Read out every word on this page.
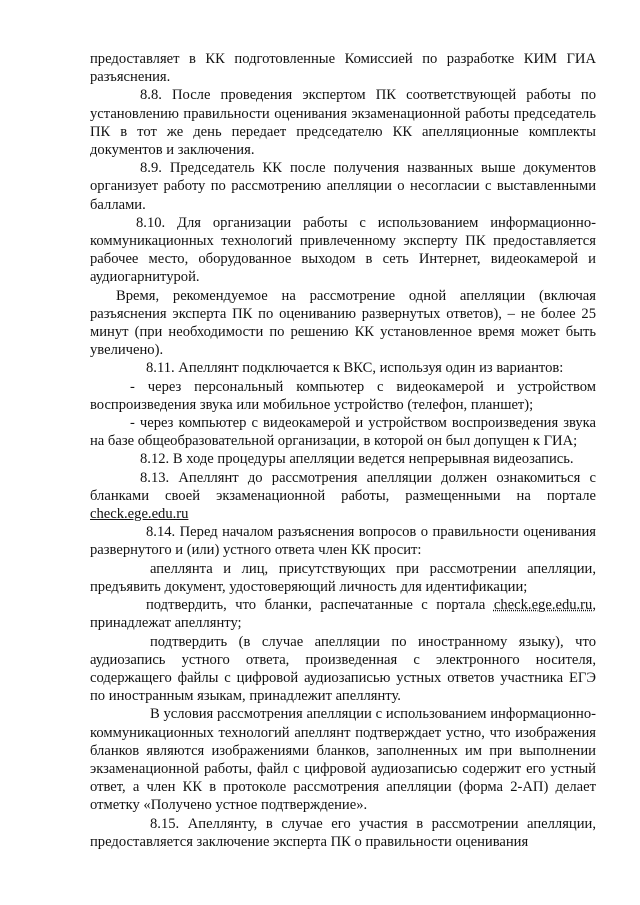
предоставляет в КК подготовленные Комиссией по разработке КИМ ГИА разъяснения.

8.8. После проведения экспертом ПК соответствующей работы по установлению правильности оценивания экзаменационной работы председатель ПК в тот же день передает председателю КК апелляционные комплекты документов и заключения.

8.9. Председатель КК после получения названных выше документов организует работу по рассмотрению апелляции о несогласии с выставленными баллами.

8.10. Для организации работы с использованием информационно-коммуникационных технологий привлеченному эксперту ПК предоставляется рабочее место, оборудованное выходом в сеть Интернет, видеокамерой и аудиогарнитурой.

Время, рекомендуемое на рассмотрение одной апелляции (включая разъяснения эксперта ПК по оцениванию развернутых ответов), – не более 25 минут (при необходимости по решению КК установленное время может быть увеличено).

8.11. Апеллянт подключается к ВКС, используя один из вариантов:

- через персональный компьютер с видеокамерой и устройством воспроизведения звука или мобильное устройство (телефон, планшет);

- через компьютер с видеокамерой и устройством воспроизведения звука на базе общеобразовательной организации, в которой он был допущен к ГИА;

8.12. В ходе процедуры апелляции ведется непрерывная видеозапись.

8.13. Апеллянт до рассмотрения апелляции должен ознакомиться с бланками своей экзаменационной работы, размещенными на портале check.ege.edu.ru

8.14. Перед началом разъяснения вопросов о правильности оценивания развернутого и (или) устного ответа член КК просит:

апеллянта и лиц, присутствующих при рассмотрении апелляции, предъявить документ, удостоверяющий личность для идентификации;

подтвердить, что бланки, распечатанные с портала check.ege.edu.ru, принадлежат апеллянту;

подтвердить (в случае апелляции по иностранному языку), что аудиозапись устного ответа, произведенная с электронного носителя, содержащего файлы с цифровой аудиозаписью устных ответов участника ЕГЭ по иностранным языкам, принадлежит апеллянту.

В условия рассмотрения апелляции с использованием информационно-коммуникационных технологий апеллянт подтверждает устно, что изображения бланков являются изображениями бланков, заполненных им при выполнении экзаменационной работы, файл с цифровой аудиозаписью содержит его устный ответ, а член КК в протоколе рассмотрения апелляции (форма 2-АП) делает отметку «Получено устное подтверждение».

8.15. Апеллянту, в случае его участия в рассмотрении апелляции, предоставляется заключение эксперта ПК о правильности оценивания
